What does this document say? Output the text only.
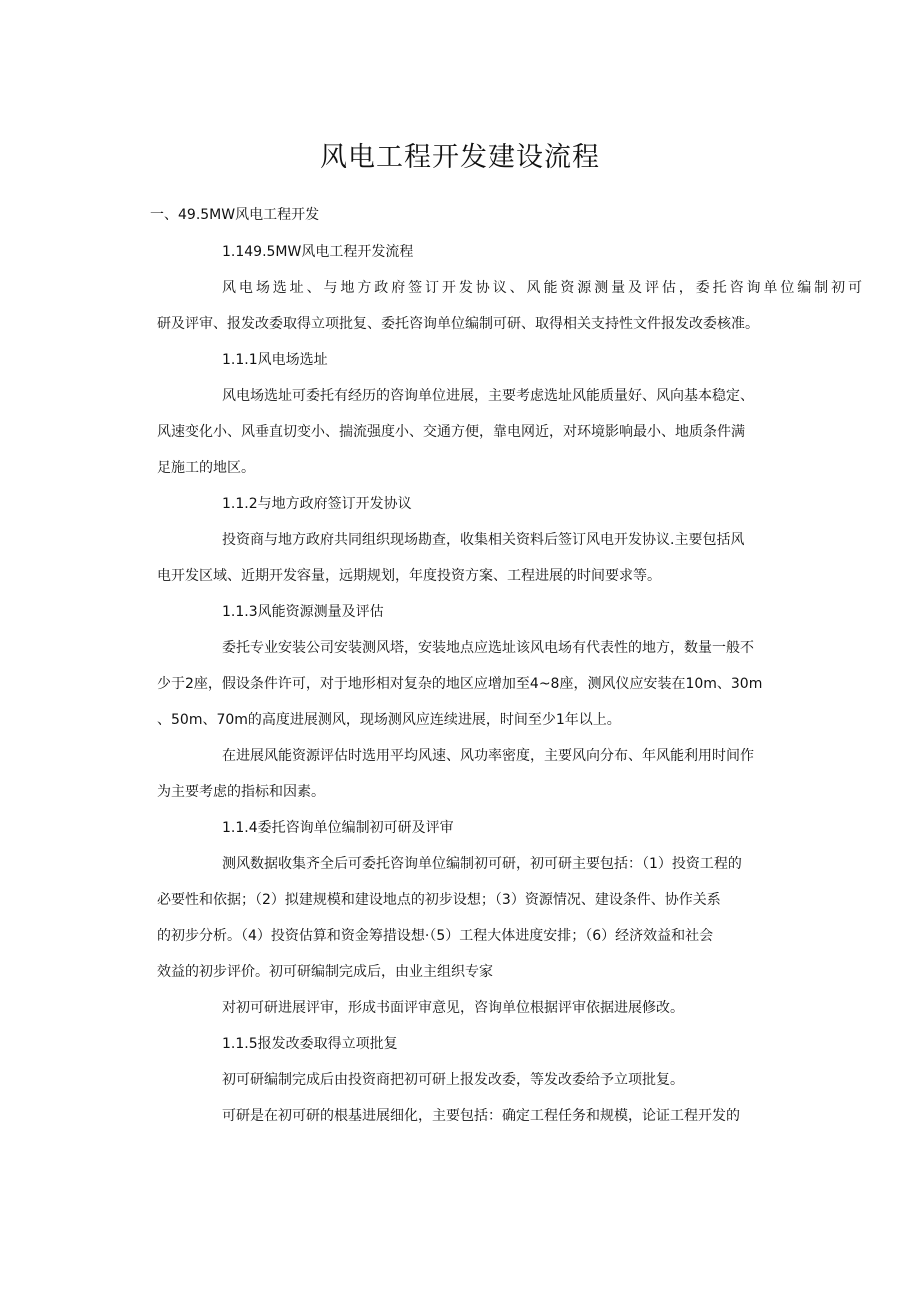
风电工程开发建设流程
一、49.5MW风电工程开发
1.149.5MW风电工程开发流程
风电场选址、与地方政府签订开发协议、风能资源测量及评估，委托咨询单位编制初可
研及评审、报发改委取得立项批复、委托咨询单位编制可研、取得相关支持性文件报发改委核准。
1.1.1风电场选址
风电场选址可委托有经历的咨询单位进展，主要考虑选址风能质量好、风向基本稳定、
风速变化小、风垂直切变小、揣流强度小、交通方便，靠电网近，对环境影响最小、地质条件满
足施工的地区。
1.1.2与地方政府签订开发协议
投资商与地方政府共同组织现场勘查，收集相关资料后签订风电开发协议.主要包括风
电开发区域、近期开发容量，远期规划，年度投资方案、工程进展的时间要求等。
1.1.3风能资源测量及评估
委托专业安装公司安装测风塔，安装地点应选址该风电场有代表性的地方，数量一般不
少于2座，假设条件许可，对于地形相对复杂的地区应增加至4~8座，测风仪应安装在10m、30m
、50m、70m的高度进展测风，现场测风应连续进展，时间至少1年以上。
在进展风能资源评估时选用平均风速、风功率密度，主要风向分布、年风能利用时间作
为主要考虑的指标和因素。
1.1.4委托咨询单位编制初可研及评审
测风数据收集齐全后可委托咨询单位编制初可研，初可研主要包括：（1）投资工程的
必要性和依据；（2）拟建规模和建设地点的初步设想；（3）资源情况、建设条件、协作关系
的初步分析。（4）投资估算和资金筹措设想·（5）工程大体进度安排；（6）经济效益和社会
效益的初步评价。初可研编制完成后，由业主组织专家
对初可研进展评审，形成书面评审意见，咨询单位根据评审依据进展修改。
1.1.5报发改委取得立项批复
初可研编制完成后由投资商把初可研上报发改委，等发改委给予立项批复。
可研是在初可研的根基进展细化，主要包括：确定工程任务和规模，论证工程开发的
